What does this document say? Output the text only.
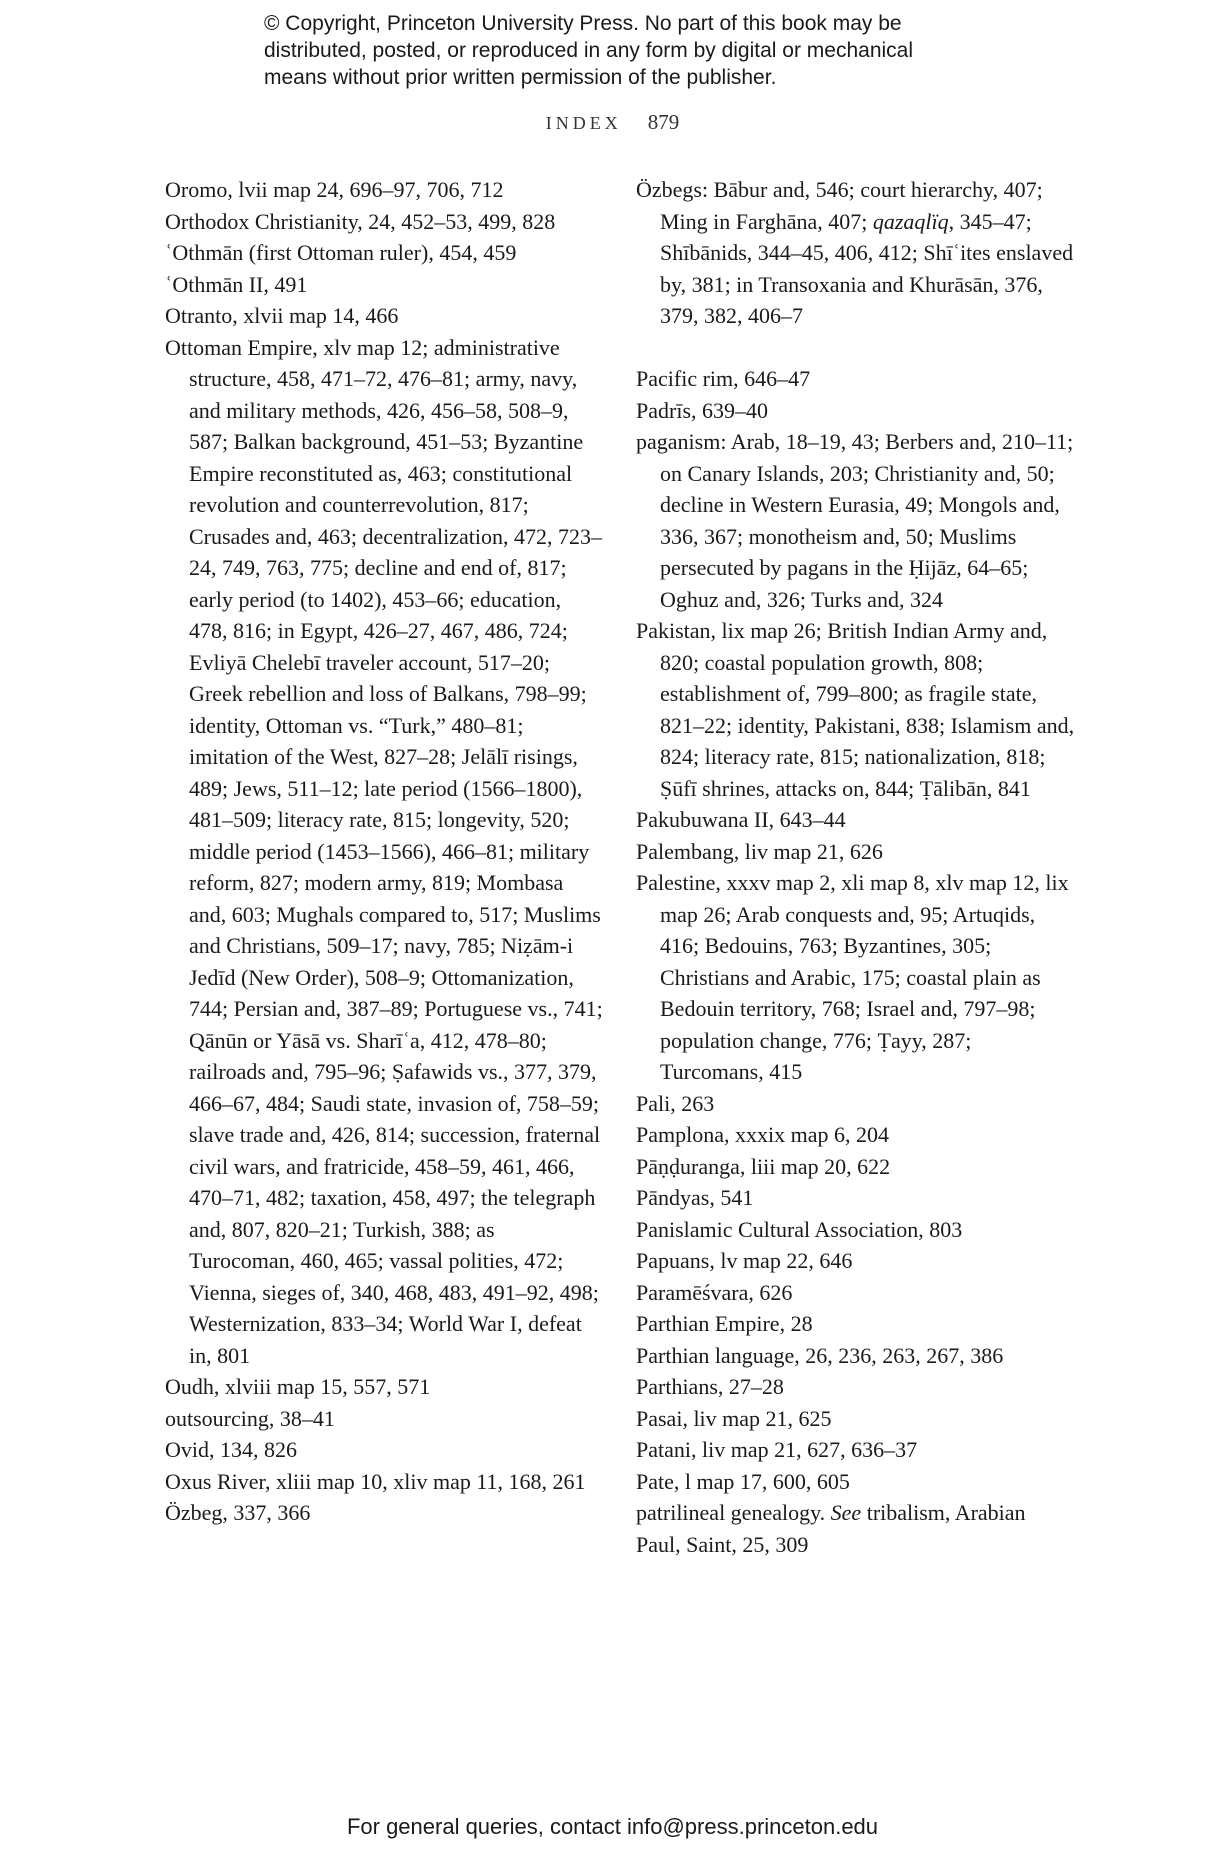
© Copyright, Princeton University Press. No part of this book may be

distributed, posted, or reproduced in any form by digital or mechanical

means without prior written permission of the publisher.

INDEX 879
Oromo, lvii map 24, 696–97, 706, 712
Orthodox Christianity, 24, 452–53, 499, 828
ʿOthmān (first Ottoman ruler), 454, 459
ʿOthmān II, 491
Otranto, xlvii map 14, 466
Ottoman Empire, xlv map 12; administrative structure, 458, 471–72, 476–81; army, navy, and military methods, 426, 456–58, 508–9, 587; Balkan background, 451–53; Byzantine Empire reconstituted as, 463; constitutional revolution and counterrevolution, 817; Crusades and, 463; decentralization, 472, 723–24, 749, 763, 775; decline and end of, 817; early period (to 1402), 453–66; education, 478, 816; in Egypt, 426–27, 467, 486, 724; Evliyā Chelebī traveler account, 517–20; Greek rebellion and loss of Balkans, 798–99; identity, Ottoman vs. “Turk,” 480–81; imitation of the West, 827–28; Jelālī risings, 489; Jews, 511–12; late period (1566–1800), 481–509; literacy rate, 815; longevity, 520; middle period (1453–1566), 466–81; military reform, 827; modern army, 819; Mombasa and, 603; Mughals compared to, 517; Muslims and Christians, 509–17; navy, 785; Niẓām-i Jedīd (New Order), 508–9; Ottomanization, 744; Persian and, 387–89; Portuguese vs., 741; Qānūn or Yāsā vs. Sharīʿa, 412, 478–80; railroads and, 795–96; Ṣafawids vs., 377, 379, 466–67, 484; Saudi state, invasion of, 758–59; slave trade and, 426, 814; succession, fraternal civil wars, and fratricide, 458–59, 461, 466, 470–71, 482; taxation, 458, 497; the telegraph and, 807, 820–21; Turkish, 388; as Turocoman, 460, 465; vassal polities, 472; Vienna, sieges of, 340, 468, 483, 491–92, 498; Westernization, 833–34; World War I, defeat in, 801
Oudh, xlviii map 15, 557, 571
outsourcing, 38–41
Ovid, 134, 826
Oxus River, xliii map 10, xliv map 11, 168, 261
Özbeg, 337, 366
Özbegs: Bābur and, 546; court hierarchy, 407; Ming in Farghāna, 407; qazaqlïq, 345–47; Shībānids, 344–45, 406, 412; Shīʿites enslaved by, 381; in Transoxania and Khurāsān, 376, 379, 382, 406–7
Pacific rim, 646–47
Padrīs, 639–40
paganism: Arab, 18–19, 43; Berbers and, 210–11; on Canary Islands, 203; Christianity and, 50; decline in Western Eurasia, 49; Mongols and, 336, 367; monotheism and, 50; Muslims persecuted by pagans in the Ḥijāz, 64–65; Oghuz and, 326; Turks and, 324
Pakistan, lix map 26; British Indian Army and, 820; coastal population growth, 808; establishment of, 799–800; as fragile state, 821–22; identity, Pakistani, 838; Islamism and, 824; literacy rate, 815; nationalization, 818; Ṣūfī shrines, attacks on, 844; Ṭālibān, 841
Pakubuwana II, 643–44
Palembang, liv map 21, 626
Palestine, xxxv map 2, xli map 8, xlv map 12, lix map 26; Arab conquests and, 95; Artuqids, 416; Bedouins, 763; Byzantines, 305; Christians and Arabic, 175; coastal plain as Bedouin territory, 768; Israel and, 797–98; population change, 776; Ṭayy, 287; Turcomans, 415
Pali, 263
Pamplona, xxxix map 6, 204
Pāṇḍuranga, liii map 20, 622
Pāndyas, 541
Panislamic Cultural Association, 803
Papuans, lv map 22, 646
Paramēśvara, 626
Parthian Empire, 28
Parthian language, 26, 236, 263, 267, 386
Parthians, 27–28
Pasai, liv map 21, 625
Patani, liv map 21, 627, 636–37
Pate, l map 17, 600, 605
patrilineal genealogy. See tribalism, Arabian
Paul, Saint, 25, 309
For general queries, contact info@press.princeton.edu
